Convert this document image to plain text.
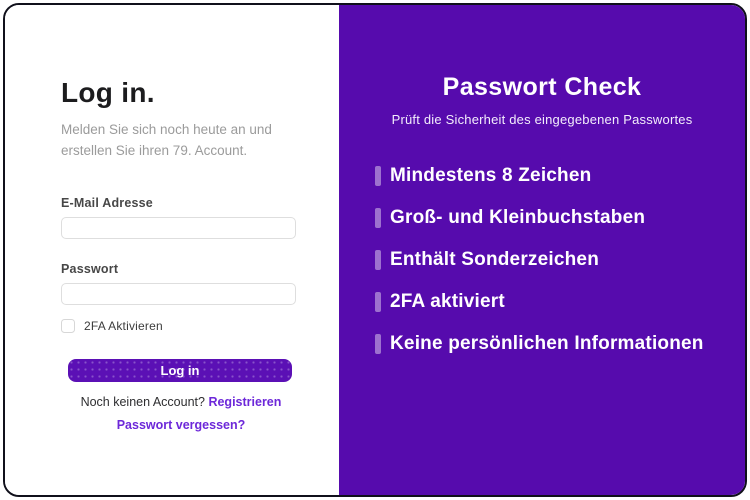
Log in.
Melden Sie sich noch heute an und erstellen Sie ihren 79. Account.
E-Mail Adresse
Passwort
2FA Aktivieren
Log in
Noch keinen Account? Registrieren
Passwort vergessen?
Passwort Check
Prüft die Sicherheit des eingegebenen Passwortes
Mindestens 8 Zeichen
Groß- und Kleinbuchstaben
Enthält Sonderzeichen
2FA aktiviert
Keine persönlichen Informationen
